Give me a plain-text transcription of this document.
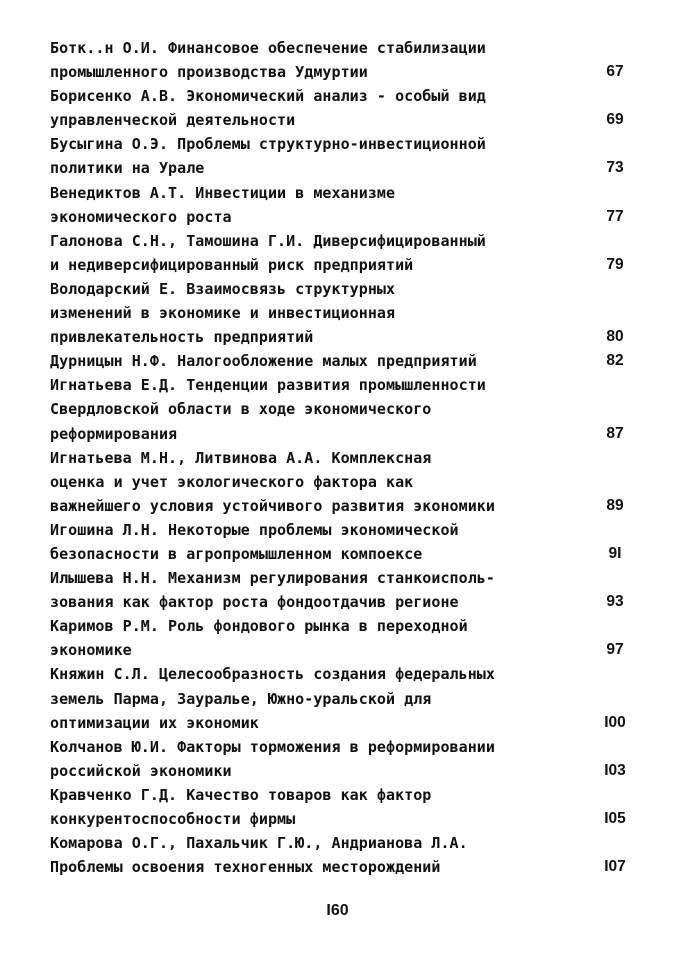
Ботк..н О.И. Финансовое обеспечение стабилизации
промышленного производства Удмуртии	67
Борисенко А.В. Экономический анализ - особый вид
управленческой деятельности	69
Бусыгина О.Э. Проблемы структурно-инвестиционной
политики на Урале	73
Венедиктов А.Т. Инвестиции в механизме
экономического роста	77
Галонова С.Н., Тамошина Г.И. Диверсифицированный
и недиверсифицированный риск предприятий	79
Володарский Е. Взаимосвязь структурных
изменений в экономике и инвестиционная
привлекательность предприятий	80
Дурницын Н.Ф. Налогообложение малых предприятий	82
Игнатьева Е.Д. Тенденции развития промышленности
Свердловской области в ходе экономического
реформирования	87
Игнатьева М.Н., Литвинова А.А. Комплексная
оценка и учет экологического фактора как
важнейшего условия устойчивого развития экономики	89
Игошина Л.Н. Некоторые проблемы экономической
безопасности в агропромышленном компоексе	9I
Илышева Н.Н. Механизм регулирования станкоисполь-
зования как фактор роста фондоотдачив регионе	93
Каримов Р.М. Роль фондового рынка в переходной
экономике	97
Княжин С.Л. Целесообразность создания федеральных
земель Парма, Зауралье, Южно-уральской для
оптимизации их экономик	I00
Колчанов Ю.И. Факторы торможения в реформировании
российской экономики	I03
Кравченко Г.Д. Качество товаров как фактор
конкурентоспособности фирмы	I05
Комарова О.Г., Пахальчик Г.Ю., Андрианова Л.А.
Проблемы освоения техногенных месторождений	I07
I60
